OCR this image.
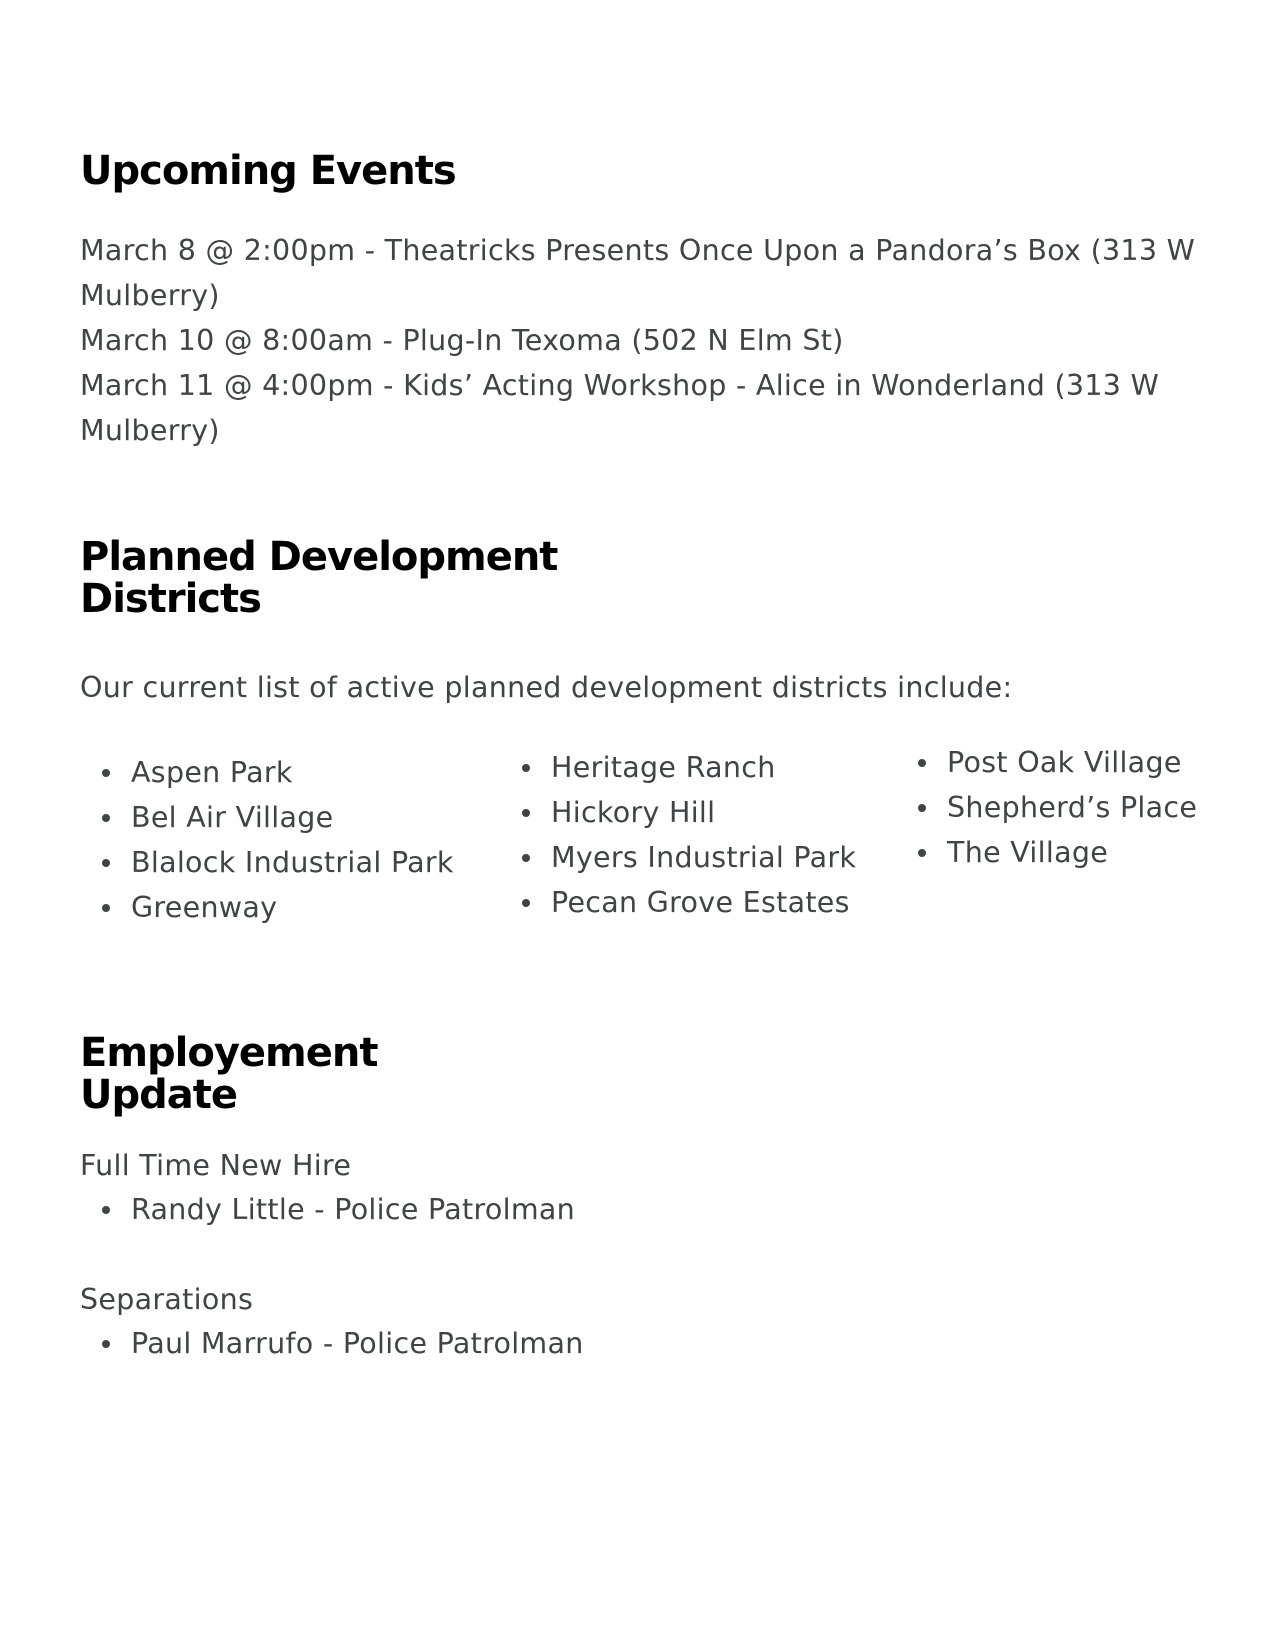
Upcoming Events
March 8 @ 2:00pm - Theatricks Presents Once Upon a Pandora’s Box (313 W Mulberry)
March 10 @ 8:00am - Plug-In Texoma (502 N Elm St)
March 11 @ 4:00pm - Kids’ Acting Workshop - Alice in Wonderland (313 W Mulberry)
Planned Development
Districts

Our current list of active planned development districts include:

Aspen Park
Bel Air Village
Blalock Industrial Park
Greenway
Heritage Ranch
Hickory Hill
Myers Industrial Park
Pecan Grove Estates
Post Oak Village
Shepherd’s Place
The Village
Employement
Update

Full Time New Hire

Randy Little - Police Patrolman

Separations

Paul Marrufo - Police Patrolman
